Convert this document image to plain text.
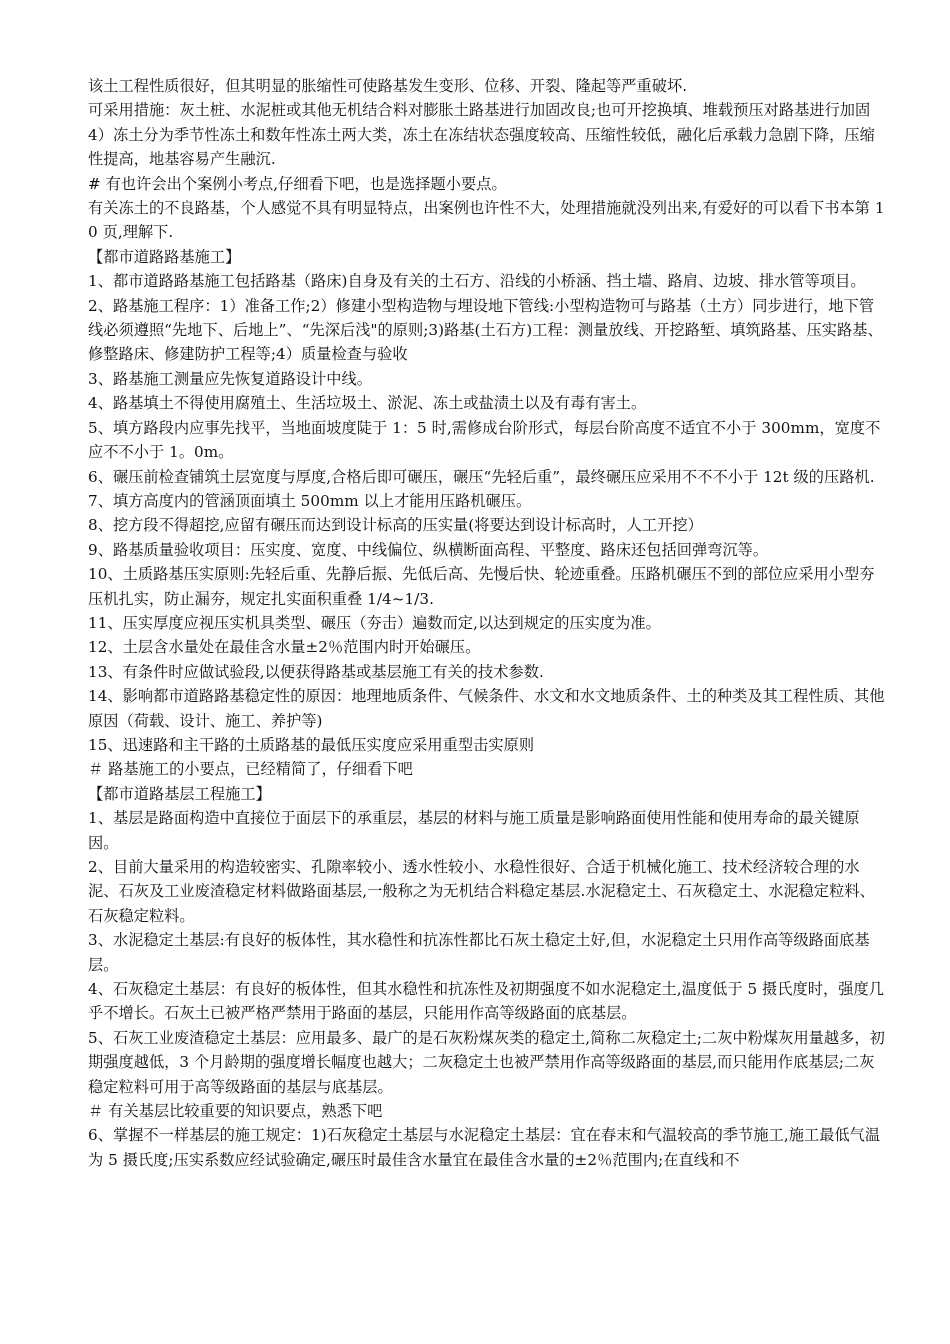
该土工程性质很好，但其明显的胀缩性可使路基发生变形、位移、开裂、隆起等严重破坏.

可采用措施：灰土桩、水泥桩或其他无机结合料对膨胀土路基进行加固改良;也可开挖换填、堆载预压对路基进行加固

4）冻土分为季节性冻土和数年性冻土两大类，冻土在冻结状态强度较高、压缩性较低，融化后承载力急剧下降，压缩性提高，地基容易产生融沉.

# 有也许会出个案例小考点,仔细看下吧，也是选择题小要点。

有关冻土的不良路基，个人感觉不具有明显特点，出案例也许性不大，处理措施就没列出来,有爱好的可以看下书本第 10 页,理解下.

【都市道路路基施工】

1、都市道路路基施工包括路基（路床)自身及有关的土石方、沿线的小桥涵、挡土墙、路肩、边坡、排水管等项目。

2、路基施工程序：1）准备工作;2）修建小型构造物与埋设地下管线:小型构造物可与路基（土方）同步进行，地下管线必须遵照“先地下、后地上”、“先深后浅"的原则;3)路基(土石方)工程：测量放线、开挖路堑、填筑路基、压实路基、修整路床、修建防护工程等;4）质量检查与验收

3、路基施工测量应先恢复道路设计中线。

4、路基填土不得使用腐殖土、生活垃圾土、淤泥、冻土或盐渍土以及有毒有害土。

5、填方路段内应事先找平，当地面坡度陡于 1：5 时,需修成台阶形式，每层台阶高度不适宜不小于 300mm，宽度不应不不小于 1。0m。

6、碾压前检查铺筑土层宽度与厚度,合格后即可碾压，碾压“先轻后重”，最终碾压应采用不不不小于 12t 级的压路机.

7、填方高度内的管涵顶面填土 500mm 以上才能用压路机碾压。

8、挖方段不得超挖,应留有碾压而达到设计标高的压实量(将要达到设计标高时，人工开挖）

9、路基质量验收项目：压实度、宽度、中线偏位、纵横断面高程、平整度、路床还包括回弹弯沉等。

10、土质路基压实原则:先轻后重、先静后振、先低后高、先慢后快、轮迹重叠。压路机碾压不到的部位应采用小型夯压机扎实，防止漏夯，规定扎实面积重叠 1/4~1/3.

11、压实厚度应视压实机具类型、碾压（夯击）遍数而定,以达到规定的压实度为准。

12、土层含水量处在最佳含水量±2％范围内时开始碾压。

13、有条件时应做试验段,以便获得路基或基层施工有关的技术参数.

14、影响都市道路路基稳定性的原因：地理地质条件、气候条件、水文和水文地质条件、土的种类及其工程性质、其他原因（荷载、设计、施工、养护等)

15、迅速路和主干路的土质路基的最低压实度应采用重型击实原则

＃ 路基施工的小要点，已经精简了，仔细看下吧

【都市道路基层工程施工】

1、基层是路面构造中直接位于面层下的承重层，基层的材料与施工质量是影响路面使用性能和使用寿命的最关键原因。

2、目前大量采用的构造较密实、孔隙率较小、透水性较小、水稳性很好、合适于机械化施工、技术经济较合理的水泥、石灰及工业废渣稳定材料做路面基层,一般称之为无机结合料稳定基层.水泥稳定土、石灰稳定土、水泥稳定粒料、石灰稳定粒料。

3、水泥稳定土基层:有良好的板体性，其水稳性和抗冻性都比石灰土稳定土好,但，水泥稳定土只用作高等级路面底基层。

4、石灰稳定土基层：有良好的板体性，但其水稳性和抗冻性及初期强度不如水泥稳定土,温度低于 5 摄氏度时，强度几乎不增长。石灰土已被严格严禁用于路面的基层，只能用作高等级路面的底基层。

5、石灰工业废渣稳定土基层：应用最多、最广的是石灰粉煤灰类的稳定土,简称二灰稳定土;二灰中粉煤灰用量越多，初期强度越低，3 个月龄期的强度增长幅度也越大；二灰稳定土也被严禁用作高等级路面的基层,而只能用作底基层;二灰稳定粒料可用于高等级路面的基层与底基层。

＃ 有关基层比较重要的知识要点，熟悉下吧

6、掌握不一样基层的施工规定：1)石灰稳定土基层与水泥稳定土基层：宜在春末和气温较高的季节施工,施工最低气温为 5 摄氏度;压实系数应经试验确定,碾压时最佳含水量宜在最佳含水量的±2％范围内;在直线和不
